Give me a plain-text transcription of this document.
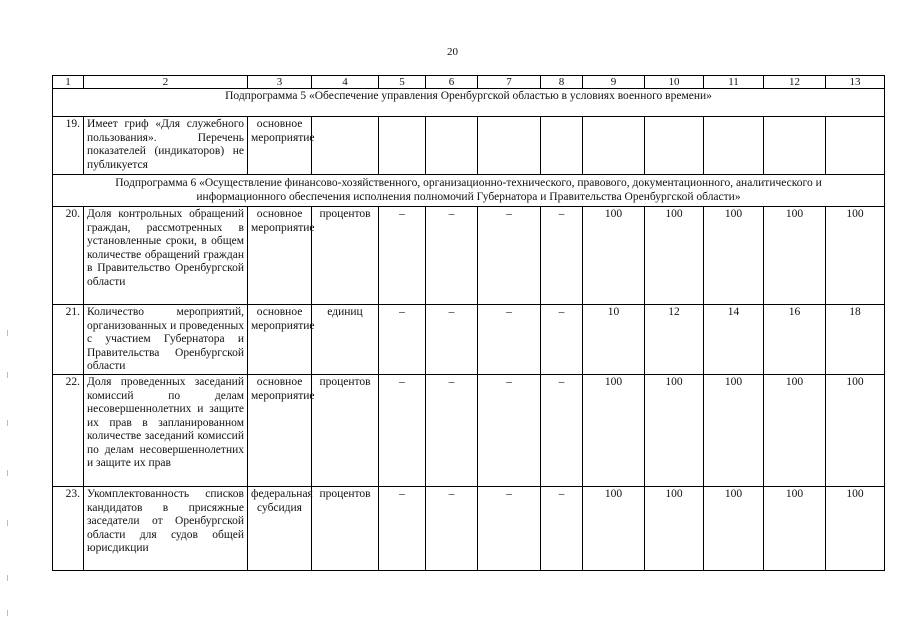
20
1	2	3	4	5	6	7	8	9	10	11	12	13
Подпрограмма 5 «Обеспечение управления Оренбургской областью в условиях военного времени»												
19.	Имеет гриф «Для служебного пользования». Перечень показателей (индикаторов) не публикуется	основное мероприятие										
Подпрограмма 6 «Осуществление финансово-хозяйственного, организационно-технического, правового, документационного, аналитического и информационного обеспечения исполнения полномочий Губернатора и Правительства Оренбургской области»												
20.	Доля контрольных обращений граждан, рассмотренных в установленные сроки, в общем количестве обращений граждан в Правительство Оренбургской области	основное мероприятие	процентов	–	–	–	–	100	100	100	100	100
21.	Количество мероприятий, организованных и проведенных с участием Губернатора и Правительства Оренбургской области	основное мероприятие	единиц	–	–	–	–	10	12	14	16	18
22.	Доля проведенных заседаний комиссий по делам несовершеннолетних и защите их прав в запланированном количестве заседаний комиссий по делам несовершеннолетних и защите их прав	основное мероприятие	процентов	–	–	–	–	100	100	100	100	100
23.	Укомплектованность списков кандидатов в присяжные заседатели от Оренбургской области для судов общей юрисдикции	федеральная субсидия	процентов	–	–	–	–	100	100	100	100	100
